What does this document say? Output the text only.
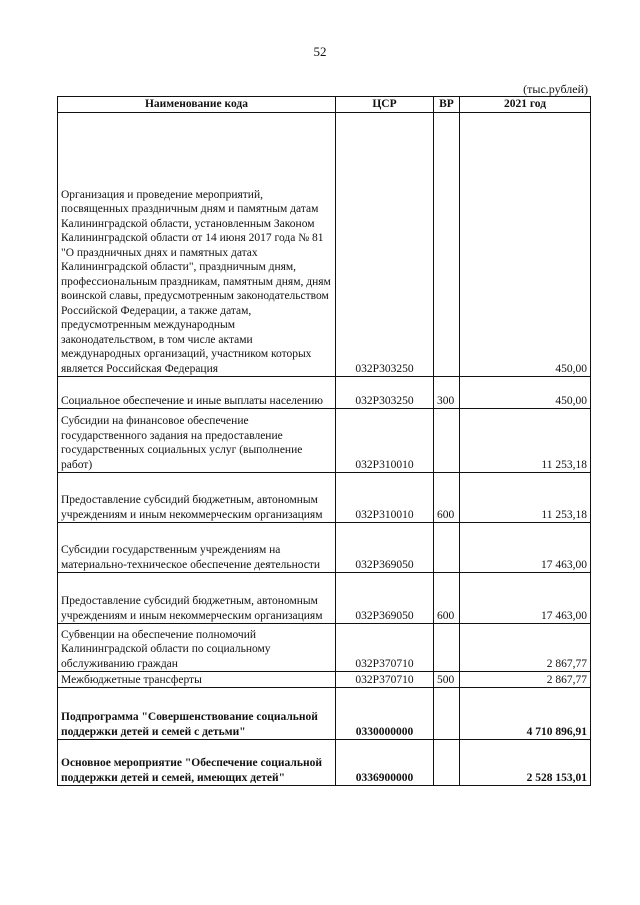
52
(тыс.рублей)
Наименование кода	ЦСР	ВР	2021 год
Организация и проведение мероприятий, посвященных праздничным дням и памятным датам Калининградской области, установленным Законом Калининградской области от 14 июня 2017 года № 81 "О праздничных днях и памятных датах Калининградской области", праздничным дням, профессиональным праздникам, памятным дням, дням воинской славы, предусмотренным законодательством Российской Федерации, а также датам, предусмотренным международным законодательством, в том числе актами международных организаций, участником которых является Российская Федерация	032P303250		450,00
Социальное обеспечение и иные выплаты населению	032P303250	300	450,00
Субсидии на финансовое обеспечение государственного задания на предоставление государственных социальных услуг (выполнение работ)	032P310010		11 253,18
Предоставление субсидий бюджетным, автономным учреждениям и иным некоммерческим организациям	032P310010	600	11 253,18
Субсидии государственным учреждениям на материально-техническое обеспечение деятельности	032P369050		17 463,00
Предоставление субсидий бюджетным, автономным учреждениям и иным некоммерческим организациям	032P369050	600	17 463,00
Субвенции на обеспечение полномочий Калининградской области по социальному обслуживанию граждан	032P370710		2 867,77
Межбюджетные трансферты	032P370710	500	2 867,77
Подпрограмма "Совершенствование социальной поддержки детей и семей с детьми"	0330000000		4 710 896,91
Основное мероприятие "Обеспечение социальной поддержки детей и семей, имеющих детей"	0336900000		2 528 153,01
